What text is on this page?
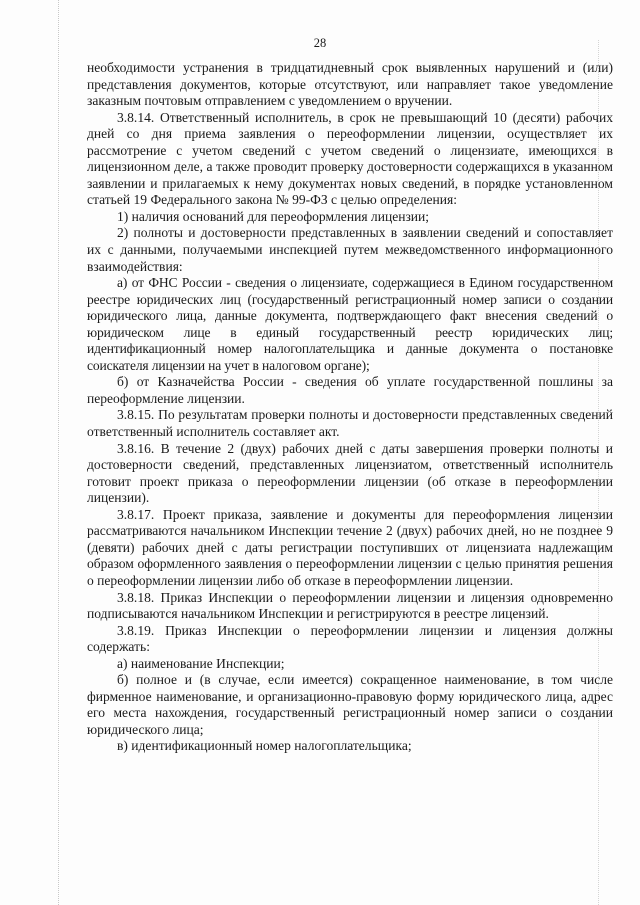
28

необходимости устранения в тридцатидневный срок выявленных нарушений и (или) представления документов, которые отсутствуют, или направляет такое уведомление заказным почтовым отправлением с уведомлением о вручении.

3.8.14. Ответственный исполнитель, в срок не превышающий 10 (десяти) рабочих дней со дня приема заявления о переоформлении лицензии, осуществляет их рассмотрение с учетом сведений с учетом сведений о лицензиате, имеющихся в лицензионном деле, а также проводит проверку достоверности содержащихся в указанном заявлении и прилагаемых к нему документах новых сведений, в порядке установленном статьей 19 Федерального закона № 99-ФЗ с целью определения:

1) наличия оснований для переоформления лицензии;

2) полноты и достоверности представленных в заявлении сведений и сопоставляет их с данными, получаемыми инспекцией путем межведомственного информационного взаимодействия:

а) от ФНС России - сведения о лицензиате, содержащиеся в Едином государственном реестре юридических лиц (государственный регистрационный номер записи о создании юридического лица, данные документа, подтверждающего факт внесения сведений о юридическом лице в единый государственный реестр юридических лиц; идентификационный номер налогоплательщика и данные документа о постановке соискателя лицензии на учет в налоговом органе);

б) от Казначейства России - сведения об уплате государственной пошлины за переоформление лицензии.

3.8.15. По результатам проверки полноты и достоверности представленных сведений ответственный исполнитель составляет акт.

3.8.16. В течение 2 (двух) рабочих дней с даты завершения проверки полноты и достоверности сведений, представленных лицензиатом, ответственный исполнитель готовит проект приказа о переоформлении лицензии (об отказе в переоформлении лицензии).

3.8.17. Проект приказа, заявление и документы для переоформления лицензии рассматриваются начальником Инспекции течение 2 (двух) рабочих дней, но не позднее 9 (девяти) рабочих дней с даты регистрации поступивших от лицензиата надлежащим образом оформленного заявления о переоформлении лицензии с целью принятия решения о переоформлении лицензии либо об отказе в переоформлении лицензии.

3.8.18. Приказ Инспекции о переоформлении лицензии и лицензия одновременно подписываются начальником Инспекции и регистрируются в реестре лицензий.

3.8.19. Приказ Инспекции о переоформлении лицензии и лицензия должны содержать:

а) наименование Инспекции;

б) полное и (в случае, если имеется) сокращенное наименование, в том числе фирменное наименование, и организационно-правовую форму юридического лица, адрес его места нахождения, государственный регистрационный номер записи о создании юридического лица;

в) идентификационный номер налогоплательщика;
